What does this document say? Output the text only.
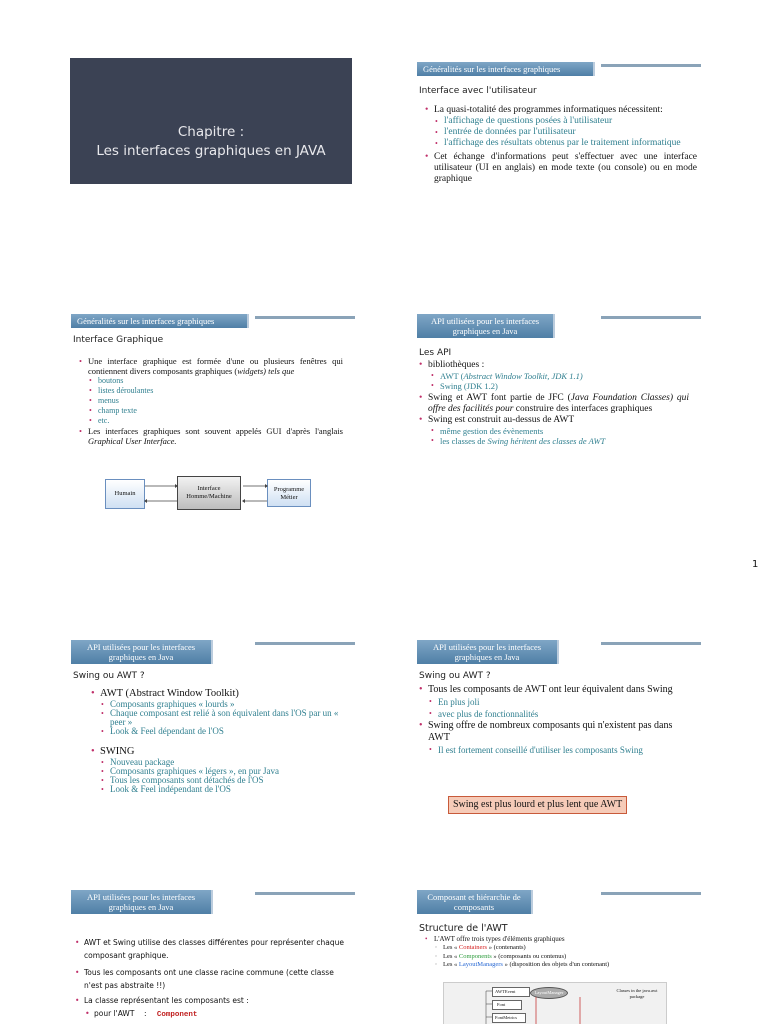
1
Chapitre :
Les interfaces graphiques en JAVA
Généralités sur les interfaces graphiques
Interface avec l'utilisateur
• La quasi-totalité des programmes informatiques nécessitent:
• l'affichage de questions posées à l'utilisateur
• l'entrée de données par l'utilisateur
• l'affichage des résultats obtenus par le traitement informatique
• Cet échange d'informations peut s'effectuer avec une interface utilisateur (UI en anglais) en mode texte (ou console) ou en mode graphique
Généralités sur les interfaces graphiques
Interface Graphique
• Une interface graphique est formée d'une ou plusieurs fenêtres qui contiennent divers composants graphiques (widgets) tels que
• boutons
• listes déroulantes
• menus
• champ texte
• etc.
• Les interfaces graphiques sont souvent appelés GUI d'après l'anglais Graphical User Interface.
Humain
Interface Homme/Machine
Programme Métier
API utilisées pour les interfaces graphiques en Java
Les API
• bibliothèques :
• AWT (Abstract Window Toolkit, JDK 1.1)
• Swing (JDK 1.2)
• Swing et AWT font partie de JFC (Java Foundation Classes) qui offre des facilités pour construire des interfaces graphiques
• Swing est construit au-dessus de AWT
• même gestion des évènements
• les classes de Swing héritent des classes de AWT
API utilisées pour les interfaces graphiques en Java
Swing ou AWT ?
• AWT (Abstract Window Toolkit)
• Composants graphiques « lourds »
• Chaque composant est relié à son équivalent dans l'OS par un « peer »
• Look & Feel dépendant de l'OS
• SWING
• Nouveau package
• Composants graphiques « légers », en pur Java
• Tous les composants sont détachés de l'OS
• Look & Feel indépendant de l'OS
API utilisées pour les interfaces graphiques en Java
Swing ou AWT ?
• Tous les composants de AWT ont leur équivalent dans Swing
• En plus joli
• avec plus de fonctionnalités
• Swing offre de nombreux composants qui n'existent pas dans AWT
• Il est fortement conseillé d'utiliser les composants Swing
Swing est plus lourd et plus lent que AWT
API utilisées pour les interfaces graphiques en Java
• AWT et Swing utilise des classes différentes pour représenter chaque composant graphique.
• Tous les composants ont une classe racine commune (cette classe n'est pas abstraite !!)
• La classe représentant les composants est :
• pour l'AWT    : Component
Composant et hiérarchie de composants
Structure de l'AWT
• L'AWT offre trois types d'éléments graphiques
◦ Les « Containers » (contenants)
◦ Les « Components » (composants ou contenus)
◦ Les « LayoutManagers » (disposition des objets d'un contenant)
AWTEvent
Font
FontMetrics
LayoutManager	Classes in the java.awt package
